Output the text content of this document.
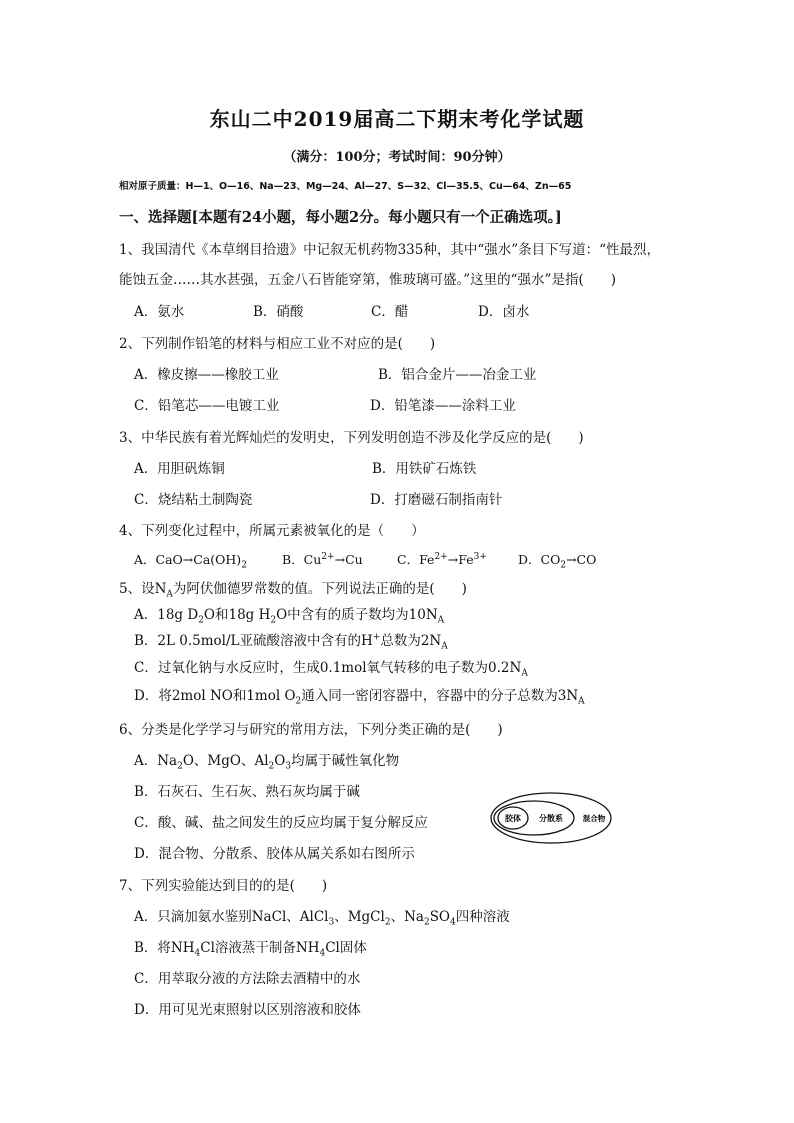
东山二中2019届高二下期末考化学试题
（满分：100分；考试时间：90分钟）
相对原子质量：H—1、O—16、Na—23、Mg—24、Al—27、S—32、Cl—35.5、Cu—64、Zn—65
一、选择题[本题有24小题，每小题2分。每小题只有一个正确选项。]
1、我国清代《本草纲目拾遗》中记叙无机药物335种，其中“强水”条目下写道：“性最烈，
能蚀五金……其水甚强，五金八石皆能穿第，惟玻璃可盛。”这里的“强水”是指(　　)
A．氨水	B．硝酸	C．醋	D．卤水
2、下列制作铅笔的材料与相应工业不对应的是(　　)
A．橡皮擦——橡胶工业	B．铝合金片——冶金工业
C．铅笔芯——电镀工业	D．铅笔漆——涂料工业
3、中华民族有着光辉灿烂的发明史，下列发明创造不涉及化学反应的是(　　)
A．用胆矾炼铜	B．用铁矿石炼铁
C．烧结粘土制陶瓷	D．打磨磁石制指南针
4、下列变化过程中，所属元素被氧化的是（　　）
A．$CaO\to Ca(OH)_2$	B．$Cu^{2+}\to Cu$	C．$Fe^{2+}\to Fe^{3+}$ D．$CO_2\to CO$
5、设$N_A$为阿伏伽德罗常数的值。下列说法正确的是(　　)
A．18g $D_2O$和18g $H_2O$中含有的质子数均为$10N_A$
B．2L 0.5mol/L亚硫酸溶液中含有的H+总数为$2N_A$
C．过氧化钠与水反应时，生成0.1mol氧气转移的电子数为$0.2N_A$
D．将2mol NO和1mol $O_2$通入同一密闭容器中，容器中的分子总数为$3N_A$
6、分类是化学学习与研究的常用方法，下列分类正确的是(　　)
A．$Na_2O$、MgO、$Al_2O_3$均属于碱性氧化物
B．石灰石、生石灰、熟石灰均属于碱
C．酸、碱、盐之间发生的反应均属于复分解反应
D．混合物、分散系、胶体从属关系如右图所示
胶体 分散系	混合物
7、下列实验能达到目的的是(　　)
A．只滴加氨水鉴别NaCl、AlCl$_3$、MgCl$_2$、$Na_2SO_4$四种溶液
B．将$NH_4Cl$溶液蒸干制备$NH_4Cl$固体
C．用萃取分液的方法除去酒精中的水
D．用可见光束照射以区别溶液和胶体
